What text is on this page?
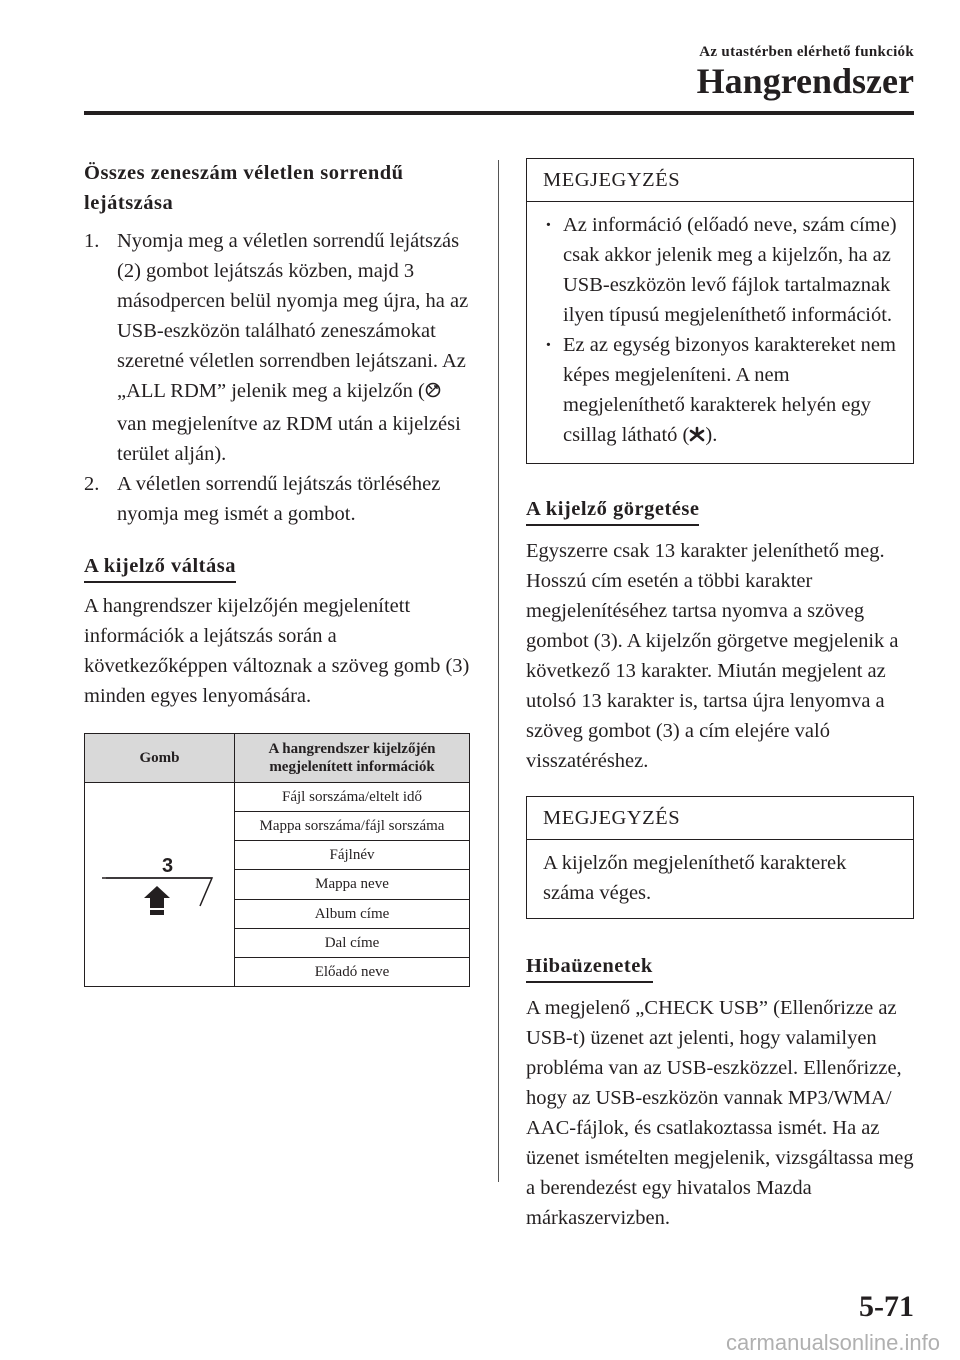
Az utastérben elérhető funkciók
Hangrendszer

Összes zeneszám véletlen sorrendű lejátszása

1. Nyomja meg a véletlen sorrendű lejátszás (2) gombot lejátszás közben, majd 3 másodpercen belül nyomja meg újra, ha az USB-eszközön található zeneszámokat szeretné véletlen sorrendben lejátszani. Az „ALL RDM” jelenik meg a kijelzőn ( van megjelenítve az RDM után a kijelzési terület alján).
2. A véletlen sorrendű lejátszás törléséhez nyomja meg ismét a gombot.
A kijelző váltása

A hangrendszer kijelzőjén megjelenített információk a lejátszás során a következőképpen változnak a szöveg gomb (3) minden egyes lenyomására.

Gomb	A hangrendszer kijelzőjén megjelenített információk

3	Fájl sorszáma/eltelt idő
	Mappa sorszáma/fájl sorszáma
	Fájlnév
	Mappa neve
	Album címe
	Dal címe
	Előadó neve
MEGJEGYZÉS
· Az információ (előadó neve, szám címe) csak akkor jelenik meg a kijelzőn, ha az USB-eszközön levő fájlok tartalmaznak ilyen típusú megjeleníthető információt.
· Ez az egység bizonyos karaktereket nem képes megjeleníteni. A nem megjeleníthető karakterek helyén egy csillag látható ( ).
A kijelző görgetése

Egyszerre csak 13 karakter jeleníthető meg. Hosszú cím esetén a többi karakter megjelenítéséhez tartsa nyomva a szöveg gombot (3). A kijelzőn görgetve megjelenik a következő 13 karakter. Miután megjelent az utolsó 13 karakter is, tartsa újra lenyomva a szöveg gombot (3) a cím elejére való visszatéréshez.

MEGJEGYZÉS
A kijelzőn megjeleníthető karakterek száma véges.
Hibaüzenetek

A megjelenő „CHECK USB” (Ellenőrizze az USB-t) üzenet azt jelenti, hogy valamilyen probléma van az USB-eszközzel. Ellenőrizze, hogy az USB-eszközön vannak MP3/WMA/ AAC-fájlok, és csatlakoztassa ismét. Ha az üzenet ismételten megjelenik, vizsgáltassa meg a berendezést egy hivatalos Mazda márkaszervizben.

5-71
carmanualsonline.info
